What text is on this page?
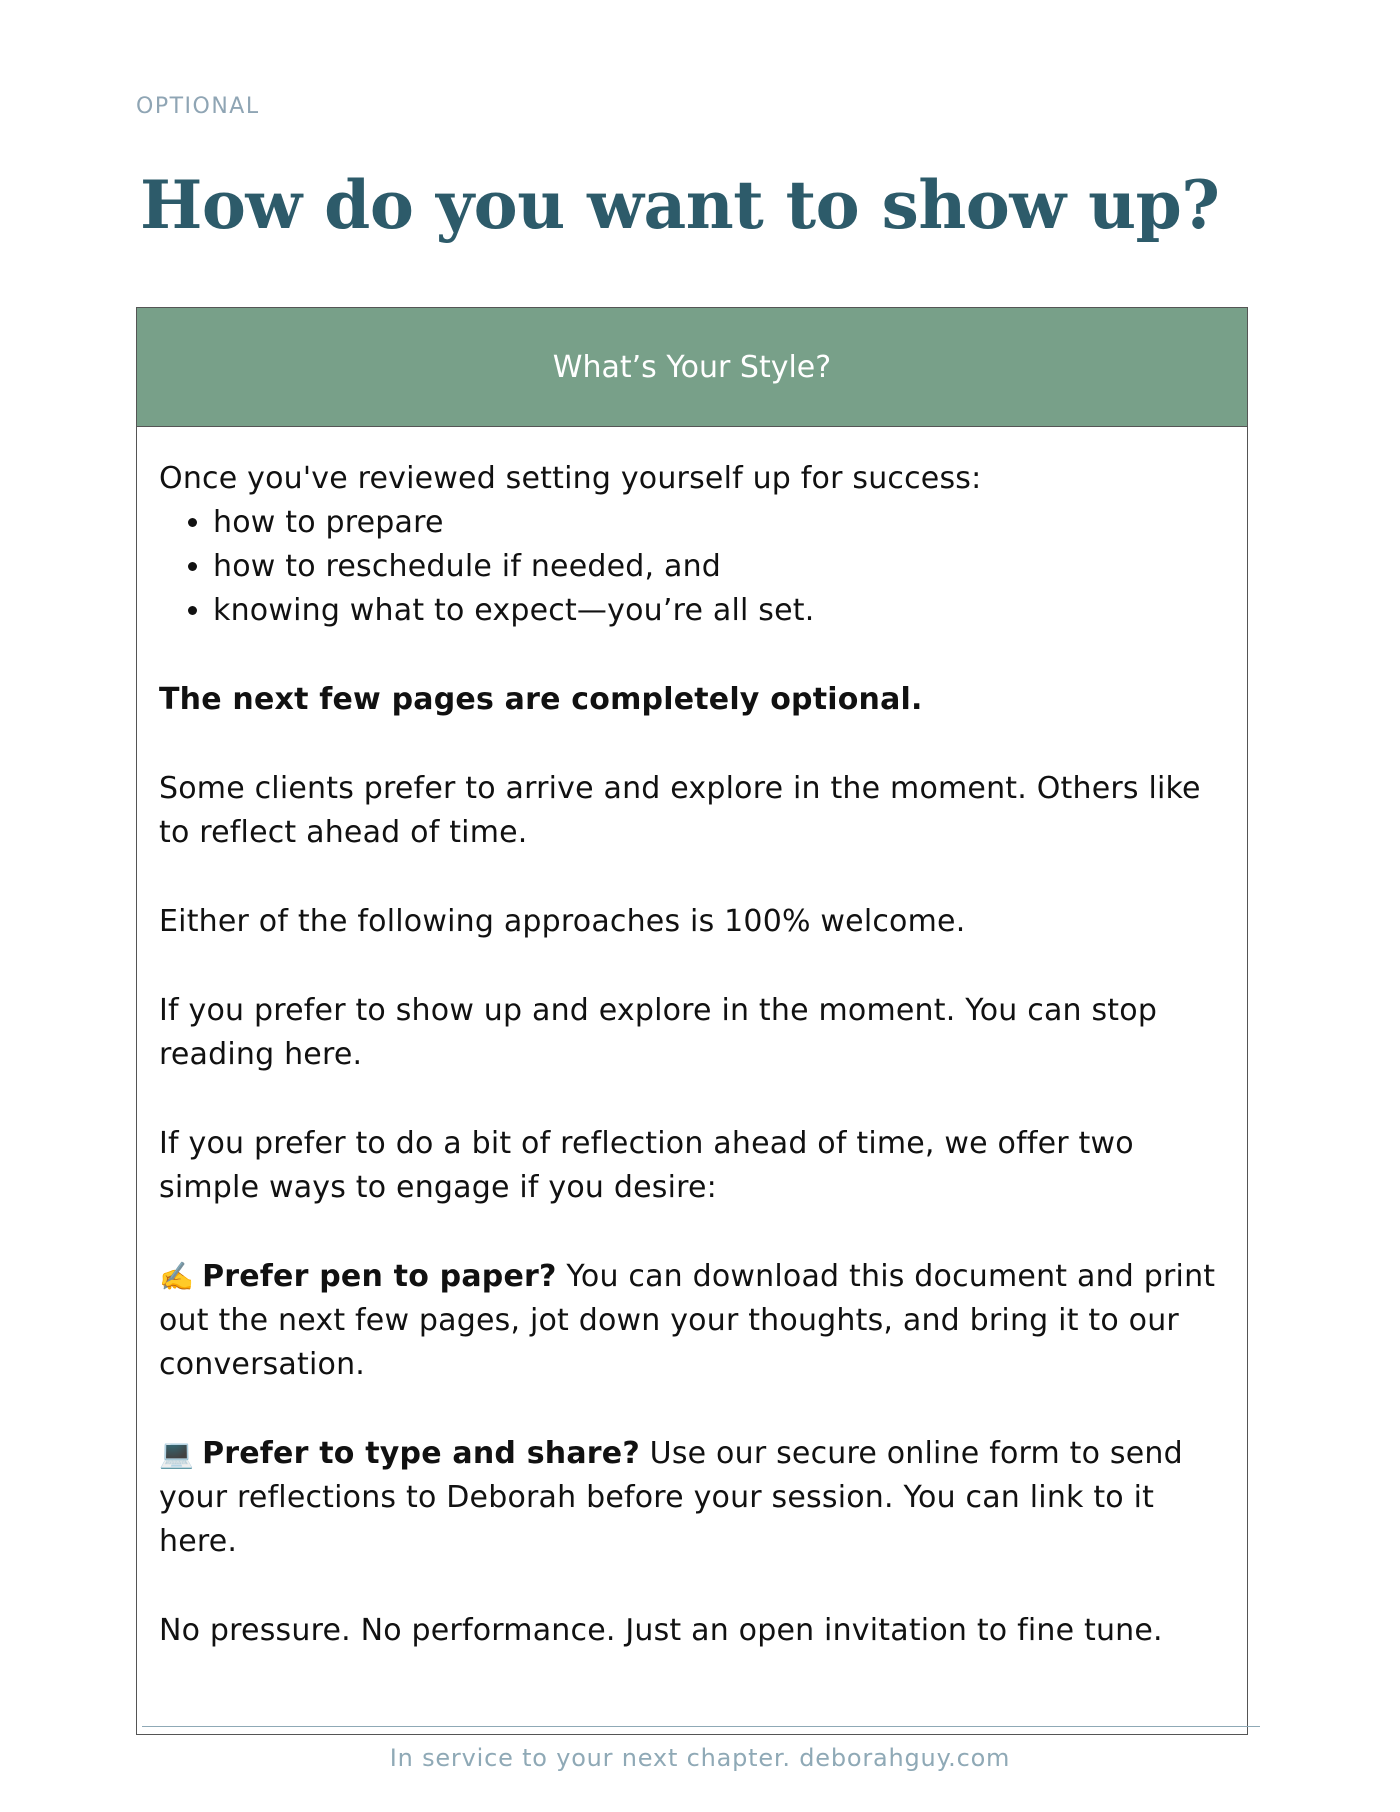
OPTIONAL
How do you want to show up?
What’s Your Style?

Once you've reviewed setting yourself up for success:

• how to prepare
• how to reschedule if needed, and
• knowing what to expect—you’re all set.

The next few pages are completely optional.

Some clients prefer to arrive and explore in the moment. Others like to reflect ahead of time.

Either of the following approaches is 100% welcome.

If you prefer to show up and explore in the moment. You can stop reading here.

If you prefer to do a bit of reflection ahead of time, we offer two simple ways to engage if you desire:

✍️ Prefer pen to paper? You can download this document and print out the next few pages, jot down your thoughts, and bring it to our conversation.

💻 Prefer to type and share? Use our secure online form to send your reflections to Deborah before your session. You can link to it here.

No pressure. No performance. Just an open invitation to fine tune.

In service to your next chapter. deborahguy.com
